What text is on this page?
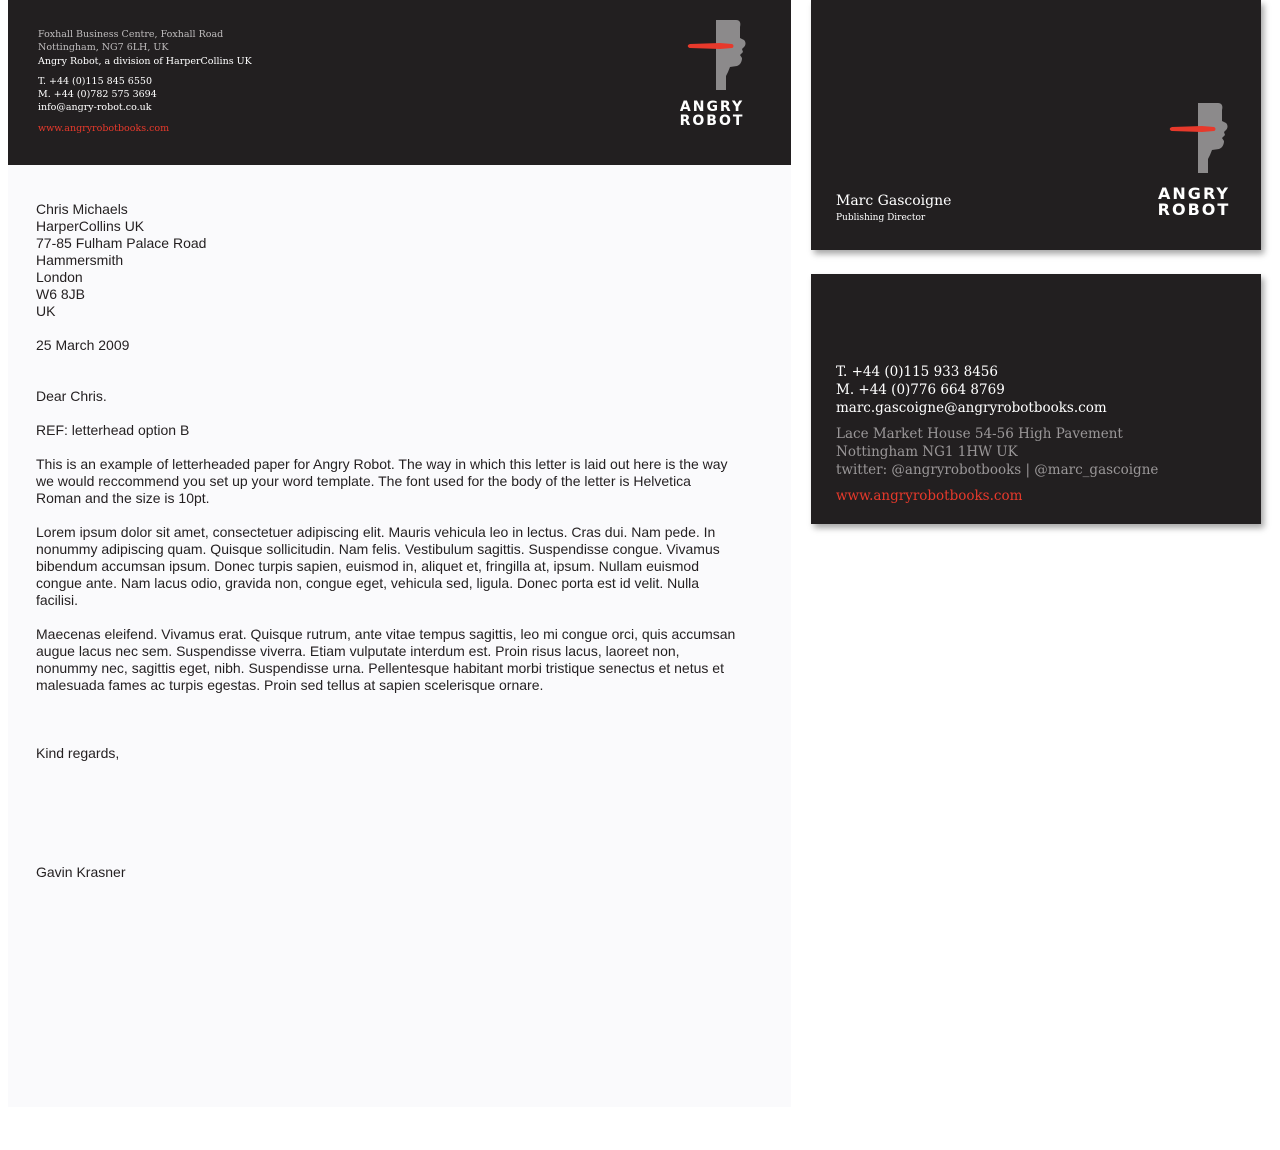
Foxhall Business Centre, Foxhall Road
Nottingham, NG7 6LH, UK
Angry Robot, a division of HarperCollins UK
T. +44 (0)115 845 6550
M. +44 (0)782 575 3694
info@angry-robot.co.uk
www.angryrobotbooks.com
ANGRY
ROBOT
Chris Michaels
HarperCollins UK
77-85 Fulham Palace Road
Hammersmith
London
W6 8JB
UK

25 March 2009

Dear Chris.

REF: letterhead option B

This is an example of letterheaded paper for Angry Robot. The way in which this letter is laid out here is the way we would reccommend you set up your word template. The font used for the body of the letter is Helvetica Roman and the size is 10pt.

Lorem ipsum dolor sit amet, consectetuer adipiscing elit. Mauris vehicula leo in lectus. Cras dui. Nam pede. In nonummy adipiscing quam. Quisque sollicitudin. Nam felis. Vestibulum sagittis. Suspendisse congue. Vivamus bibendum accumsan ipsum. Donec turpis sapien, euismod in, aliquet et, fringilla at, ipsum. Nullam euismod congue ante. Nam lacus odio, gravida non, congue eget, vehicula sed, ligula. Donec porta est id velit. Nulla facilisi.

Maecenas eleifend. Vivamus erat. Quisque rutrum, ante vitae tempus sagittis, leo mi congue orci, quis accumsan augue lacus nec sem. Suspendisse viverra. Etiam vulputate interdum est. Proin risus lacus, laoreet non, nonummy nec, sagittis eget, nibh. Suspendisse urna. Pellentesque habitant morbi tristique senectus et netus et malesuada fames ac turpis egestas. Proin sed tellus at sapien scelerisque ornare.

Kind regards,

Gavin Krasner

ANGRY
ROBOT
Marc Gascoigne
Publishing Director
T. +44 (0)115 933 8456
M. +44 (0)776 664 8769
marc.gascoigne@angryrobotbooks.com
Lace Market House 54-56 High Pavement
Nottingham NG1 1HW UK
twitter: @angryrobotbooks | @marc_gascoigne
www.angryrobotbooks.com
